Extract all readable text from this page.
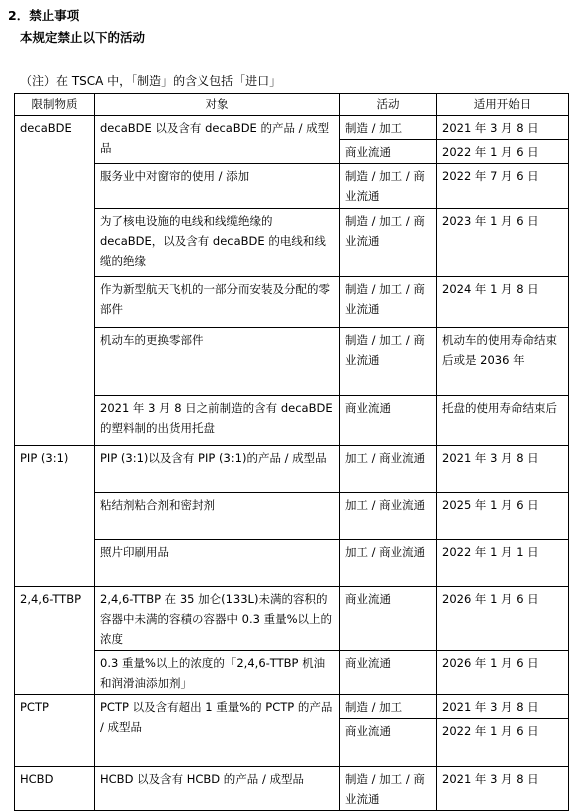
2．禁止事项
本规定禁止以下的活动
（注）在 TSCA 中，「制造」的含义包括「进口」
限制物质	对象	活动	适用开始日
decaBDE	decaBDE 以及含有 decaBDE 的产品 / 成型品	制造 / 加工	2021 年 3 月 8 日
		商业流通	2022 年 1 月 6 日
	服务业中对窗帘的使用 / 添加	制造 / 加工 / 商业流通	2022 年 7 月 6 日
	为了核电设施的电线和线缆绝缘的 decaBDE，以及含有 decaBDE 的电线和线缆的绝缘	制造 / 加工 / 商业流通	2023 年 1 月 6 日
	作为新型航天飞机的一部分而安装及分配的零部件	制造 / 加工 / 商业流通	2024 年 1 月 8 日
	机动车的更换零部件	制造 / 加工 / 商业流通	机动车的使用寿命结束后或是 2036 年
	2021 年 3 月 8 日之前制造的含有 decaBDE 的塑料制的出货用托盘	商业流通	托盘的使用寿命结束后
PIP (3:1)	PIP (3:1)以及含有 PIP (3:1)的产品 / 成型品	加工 / 商业流通	2021 年 3 月 8 日
	粘结剂粘合剂和密封剂	加工 / 商业流通	2025 年 1 月 6 日
	照片印刷用品	加工 / 商业流通	2022 年 1 月 1 日
2,4,6-TTBP	2,4,6-TTBP 在 35 加仑(133L)未满的容积的容器中未满的容積の容器中 0.3 重量%以上的浓度	商业流通	2026 年 1 月 6 日
	0.3 重量%以上的浓度的「2,4,6-TTBP 机油和润滑油添加剂」	商业流通	2026 年 1 月 6 日
PCTP	PCTP 以及含有超出 1 重量%的 PCTP 的产品 / 成型品	制造 / 加工	2021 年 3 月 8 日
		商业流通	2022 年 1 月 6 日
HCBD	HCBD 以及含有 HCBD 的产品 / 成型品	制造 / 加工 / 商业流通	2021 年 3 月 8 日
